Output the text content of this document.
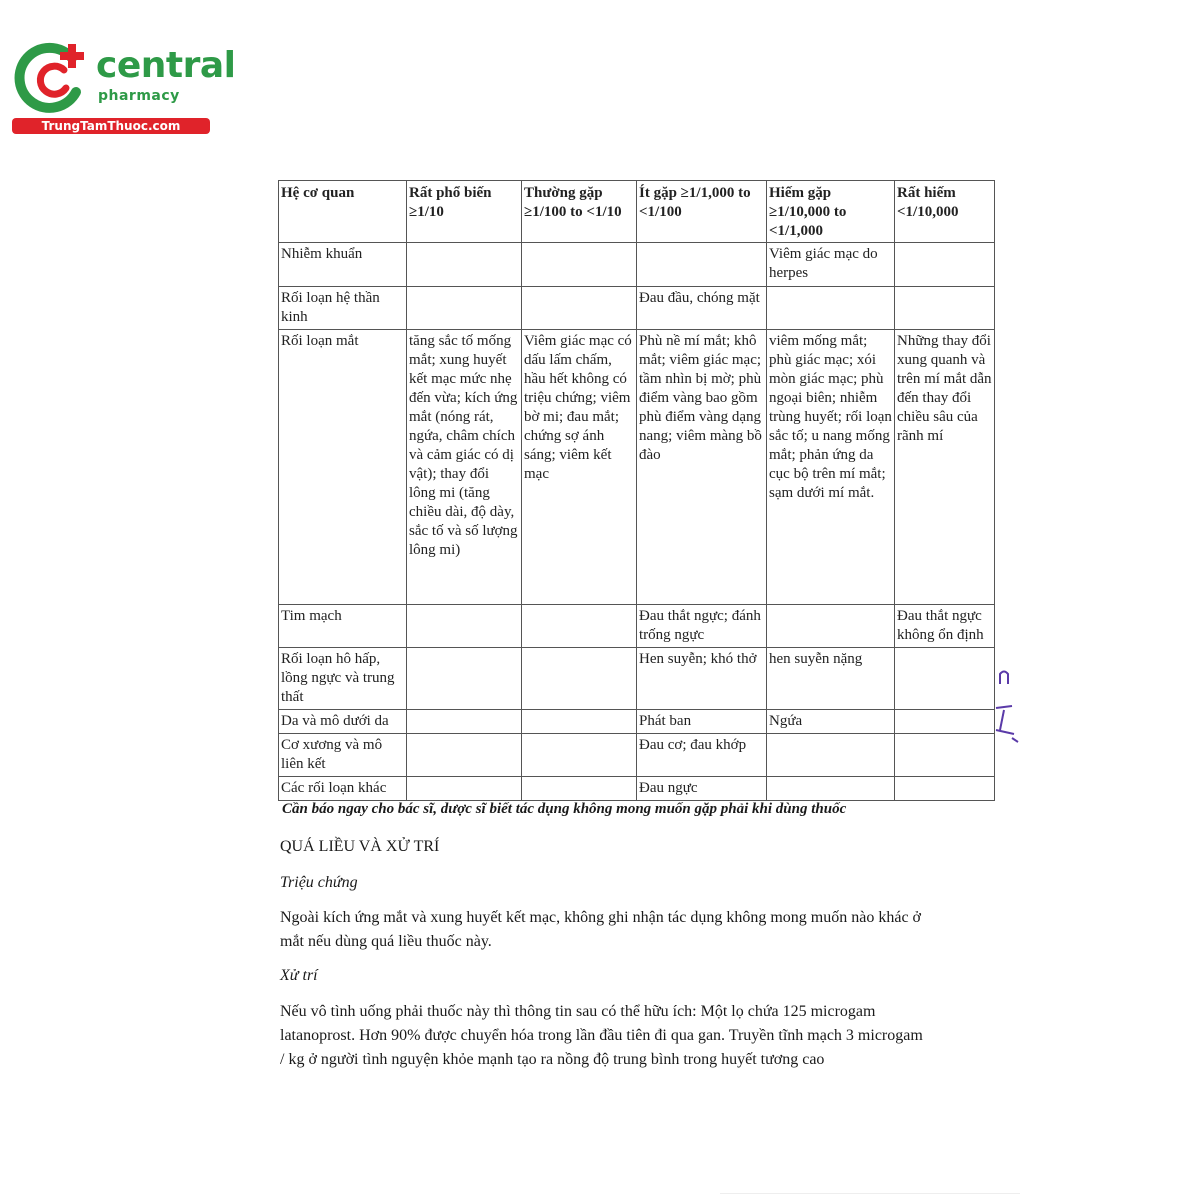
central
pharmacy
TrungTamThuoc.com
Hệ cơ quan	Rất phổ biến ≥1/10	Thường gặp ≥1/100 to <1/10	Ít gặp ≥1/1,000 to <1/100	Hiếm gặp ≥1/10,000 to <1/1,000	Rất hiếm <1/10,000
Nhiễm khuẩn				Viêm giác mạc do herpes	
Rối loạn hệ thần kinh			Đau đầu, chóng mặt		
Rối loạn mắt	tăng sắc tố mống mắt; xung huyết kết mạc mức nhẹ đến vừa; kích ứng mắt (nóng rát, ngứa, châm chích và cảm giác có dị vật); thay đổi lông mi (tăng chiều dài, độ dày, sắc tố và số lượng lông mi)	Viêm giác mạc có dấu lấm chấm, hầu hết không có triệu chứng; viêm bờ mi; đau mắt; chứng sợ ánh sáng; viêm kết mạc	Phù nề mí mắt; khô mắt; viêm giác mạc; tầm nhìn bị mờ; phù điểm vàng bao gồm phù điểm vàng dạng nang; viêm màng bồ đào	viêm mống mắt; phù giác mạc; xói mòn giác mạc; phù ngoại biên; nhiễm trùng huyết; rối loạn sắc tố; u nang mống mắt; phản ứng da cục bộ trên mí mắt; sạm dưới mí mắt.	Những thay đổi xung quanh và trên mí mắt dẫn đến thay đổi chiều sâu của rãnh mí
Tim mạch			Đau thắt ngực; đánh trống ngực		Đau thắt ngực không ổn định
Rối loạn hô hấp, lồng ngực và trung thất			Hen suyễn; khó thở	hen suyễn nặng	
Da và mô dưới da			Phát ban	Ngứa	
Cơ xương và mô liên kết			Đau cơ; đau khớp		
Các rối loạn khác			Đau ngực		

Cần báo ngay cho bác sĩ, dược sĩ biết tác dụng không mong muốn gặp phải khi dùng thuốc

QUÁ LIỀU VÀ XỬ TRÍ

Triệu chứng

Ngoài kích ứng mắt và xung huyết kết mạc, không ghi nhận tác dụng không mong muốn nào khác ở mắt nếu dùng quá liều thuốc này.

Xử trí

Nếu vô tình uống phải thuốc này thì thông tin sau có thể hữu ích: Một lọ chứa 125 microgam latanoprost. Hơn 90% được chuyển hóa trong lần đầu tiên đi qua gan. Truyền tĩnh mạch 3 microgam / kg ở người tình nguyện khỏe mạnh tạo ra nồng độ trung bình trong huyết tương cao
